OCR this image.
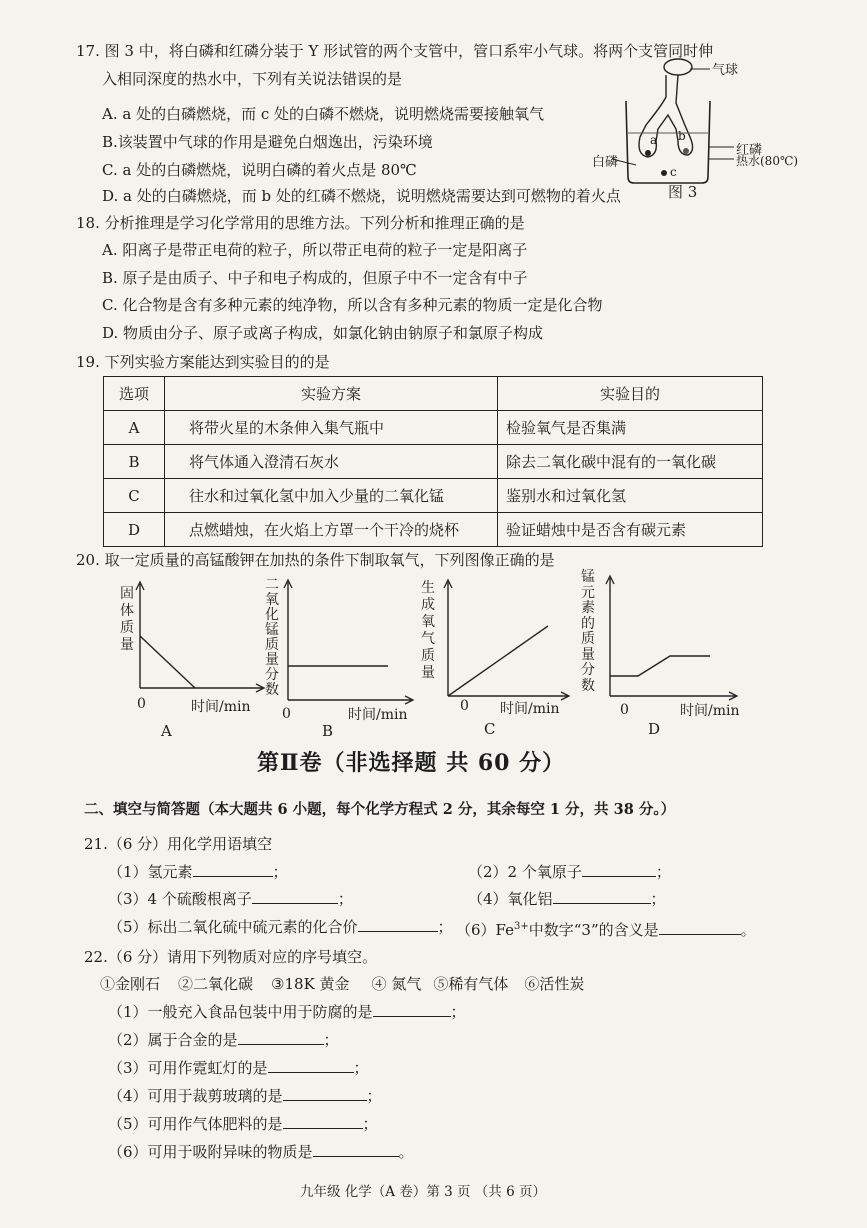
17. 图 3 中，将白磷和红磷分装于 Y 形试管的两个支管中，管口系牢小气球。将两个支管同时伸
入相同深度的热水中，下列有关说法错误的是
A. a 处的白磷燃烧，而 c 处的白磷不燃烧，说明燃烧需要接触氧气
B.该装置中气球的作用是避免白烟逸出，污染环境
C. a 处的白磷燃烧，说明白磷的着火点是 80℃
D. a 处的白磷燃烧，而 b 处的红磷不燃烧，说明燃烧需要达到可燃物的着火点
气球
红磷
白磷	热水(80℃)
a b
c
图 3
18. 分析推理是学习化学常用的思维方法。下列分析和推理正确的是
A. 阳离子是带正电荷的粒子，所以带正电荷的粒子一定是阳离子
B. 原子是由质子、中子和电子构成的，但原子中不一定含有中子
C. 化合物是含有多种元素的纯净物，所以含有多种元素的物质一定是化合物
D. 物质由分子、原子或离子构成，如氯化钠由钠原子和氯原子构成
19. 下列实验方案能达到实验目的的是
选项	实验方案	实验目的
A	将带火星的木条伸入集气瓶中	检验氧气是否集满
B	将气体通入澄清石灰水	除去二氧化碳中混有的一氧化碳
C	往水和过氧化氢中加入少量的二氧化锰	鉴别水和过氧化氢
D	点燃蜡烛，在火焰上方罩一个干冷的烧杯	验证蜡烛中是否含有碳元素
20. 取一定质量的高锰酸钾在加热的条件下制取氧气，下列图像正确的是
固体质量
0	时间/min
A
二氧化锰质量分数
0	时间/min
B
生成氧气质量
0 时间/min
C
锰元素的质量分数
0	时间/min
D
第Ⅱ卷（非选择题 共 60 分）
二、填空与简答题（本大题共 6 小题，每个化学方程式 2 分，其余每空 1 分，共 38 分。）
21.（6 分）用化学用语填空
（1）氢元素	；	（2）2 个氧原子	；
（3）4 个硫酸根离子	；	（4）氧化铝	；
（5）标出二氧化硫中硫元素的化合价	； $(6)Fe^{3+}$中数字“3”的含义是	。
22.（6 分）请用下列物质对应的序号填空。
①金刚石 ②二氧化碳 ③18K 黄金 ④ 氮气 ⑤稀有气体 ⑥活性炭
（1）一般充入食品包装中用于防腐的是	；
（2）属于合金的是	；
（3）可用作霓虹灯的是	；
（4）可用于裁剪玻璃的是	；
（5）可用作气体肥料的是	；
（6）可用于吸附异味的物质是	。
九年级 化学（A 卷）第 3 页 （共 6 页）
